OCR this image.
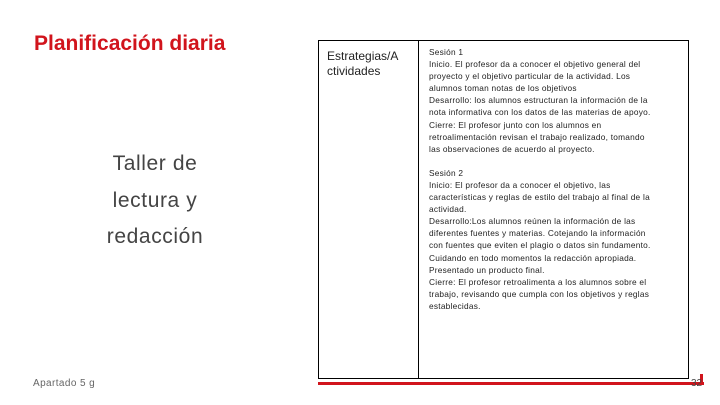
Planificación diaria
Taller de
lectura y
redacción
Apartado 5 g
Estrategias/A
ctividades

Sesión 1

Inicio. El profesor da a conocer el objetivo general del

proyecto y el objetivo particular de la actividad. Los

alumnos toman notas de los objetivos

Desarrollo: los alumnos estructuran la información de la

nota informativa con los datos de las materias de apoyo.

Cierre: El profesor junto con los alumnos en

retroalimentación revisan el trabajo realizado, tomando

las observaciones de acuerdo al proyecto.

Sesión 2

Inicio: El profesor da a conocer el objetivo, las

características y reglas de estilo del trabajo al final de la

actividad.

Desarrollo:Los alumnos reúnen la información de las

diferentes fuentes y materias. Cotejando la información

con fuentes que eviten el plagio o datos sin fundamento.

Cuidando en todo momentos la redacción apropiada.

Presentado un producto final.

Cierre: El profesor retroalimenta a los alumnos sobre el

trabajo, revisando que cumpla con los objetivos y reglas

establecidas.

32
